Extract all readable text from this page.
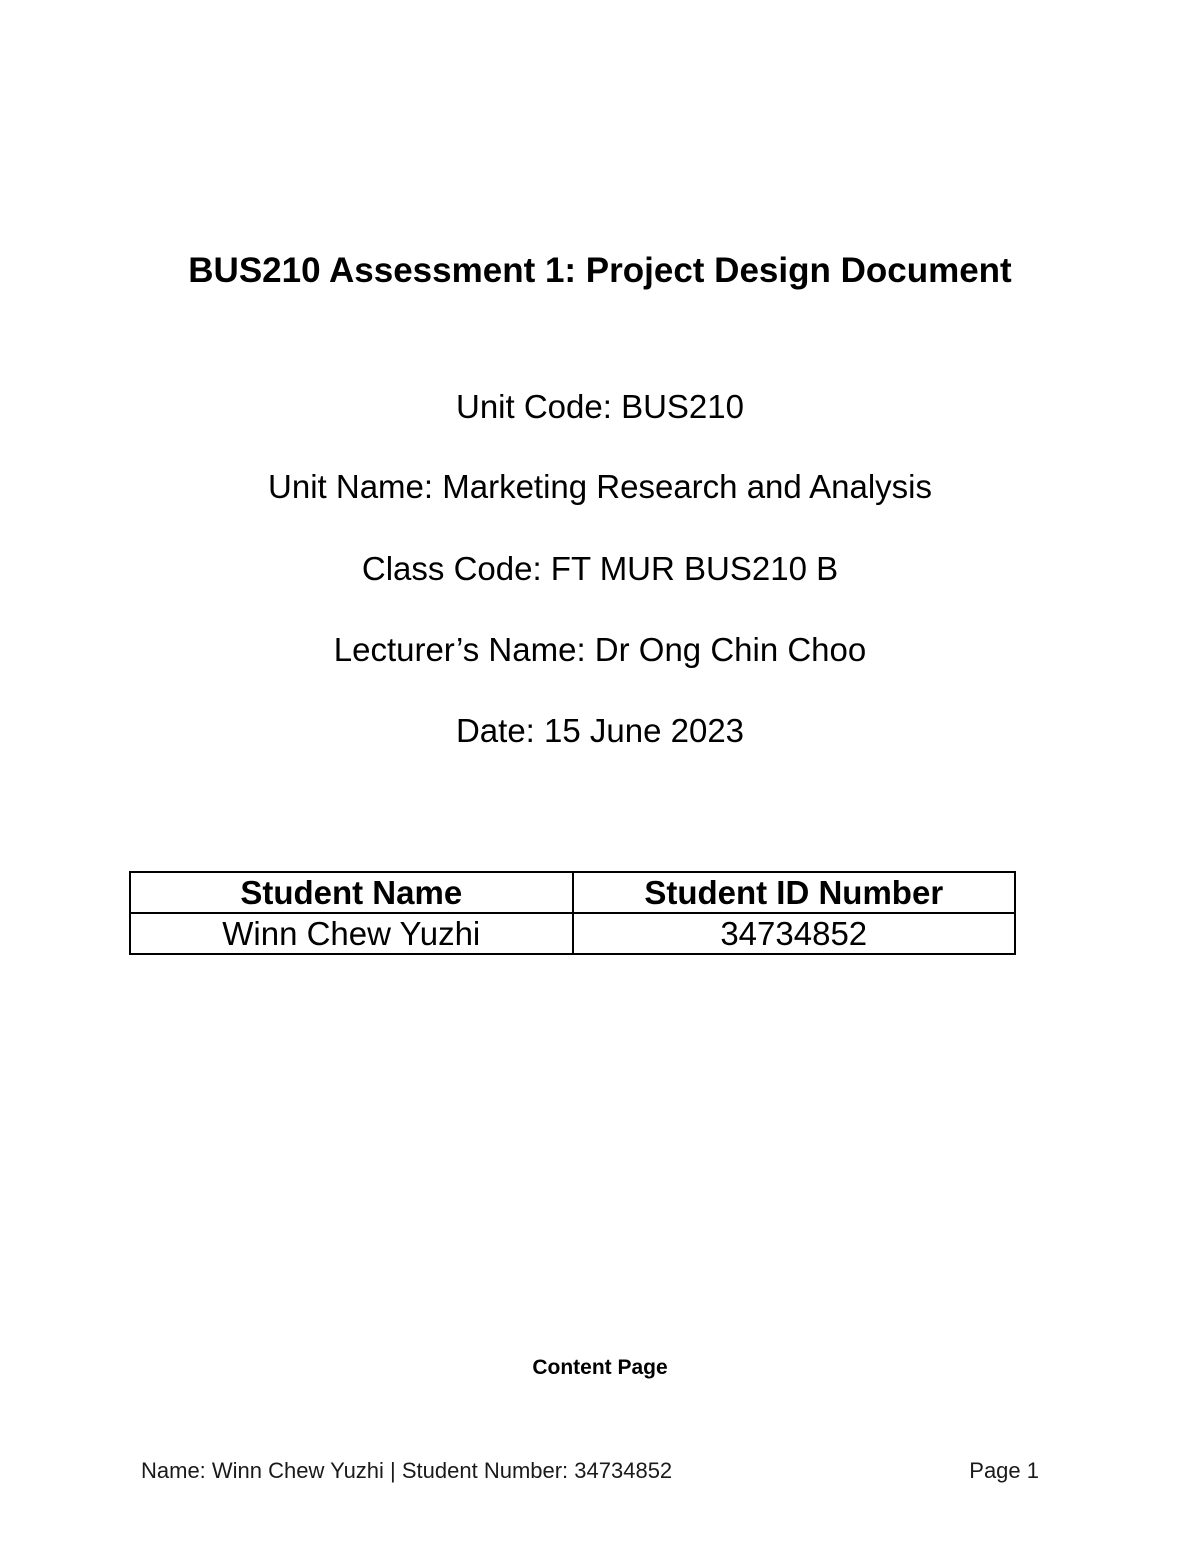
BUS210 Assessment 1: Project Design Document

Unit Code: BUS210

Unit Name: Marketing Research and Analysis

Class Code: FT MUR BUS210 B

Lecturer’s Name: Dr Ong Chin Choo

Date: 15 June 2023

Student Name	Student ID Number
Winn Chew Yuzhi	34734852
Content Page
Name: Winn Chew Yuzhi | Student Number: 34734852	Page 1
